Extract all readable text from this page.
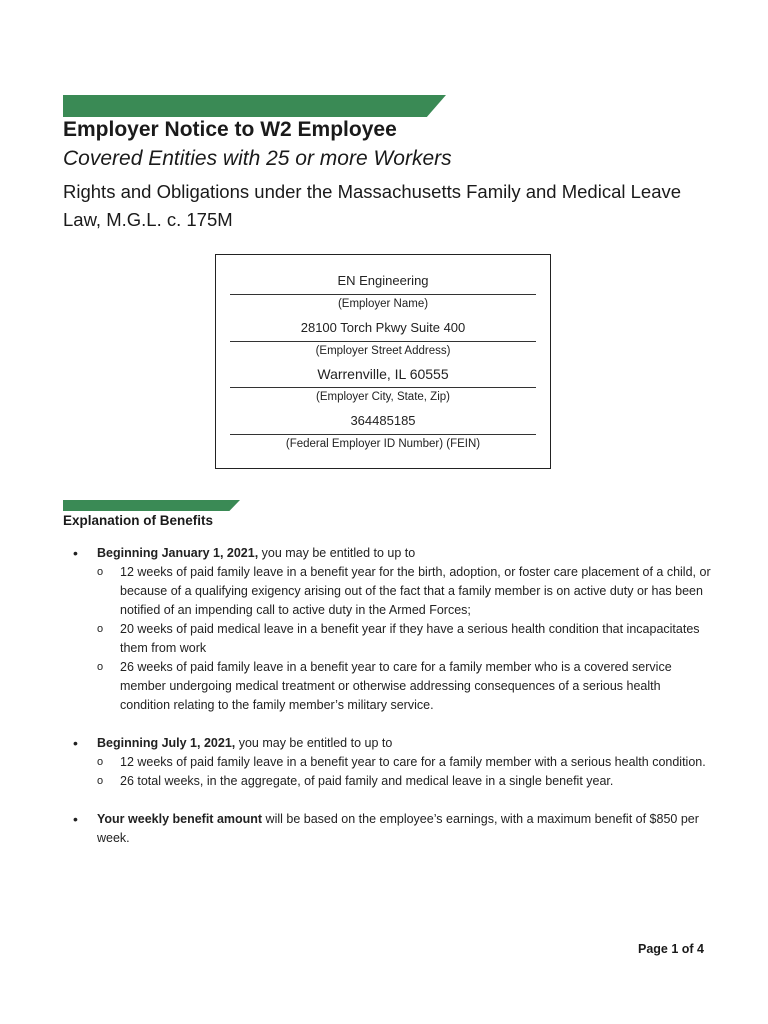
Employer Notice to W2 Employee
Covered Entities with 25 or more Workers
Rights and Obligations under the Massachusetts Family and Medical Leave Law, M.G.L. c. 175M
EN Engineering
(Employer Name)
28100 Torch Pkwy Suite 400
(Employer Street Address)
Warrenville, IL 60555
(Employer City, State, Zip)
364485185
(Federal Employer ID Number) (FEIN)
Explanation of Benefits
• Beginning January 1, 2021, you may be entitled to up to
o 12 weeks of paid family leave in a benefit year for the birth, adoption, or foster care placement of a child, or because of a qualifying exigency arising out of the fact that a family member is on active duty or has been notified of an impending call to active duty in the Armed Forces;
o 20 weeks of paid medical leave in a benefit year if they have a serious health condition that incapacitates them from work
o 26 weeks of paid family leave in a benefit year to care for a family member who is a covered service member undergoing medical treatment or otherwise addressing consequences of a serious health condition relating to the family member’s military service.
• Beginning July 1, 2021, you may be entitled to up to
o 12 weeks of paid family leave in a benefit year to care for a family member with a serious health condition.
o 26 total weeks, in the aggregate, of paid family and medical leave in a single benefit year.
• Your weekly benefit amount will be based on the employee’s earnings, with a maximum benefit of $850 per week.
Page 1 of 4
